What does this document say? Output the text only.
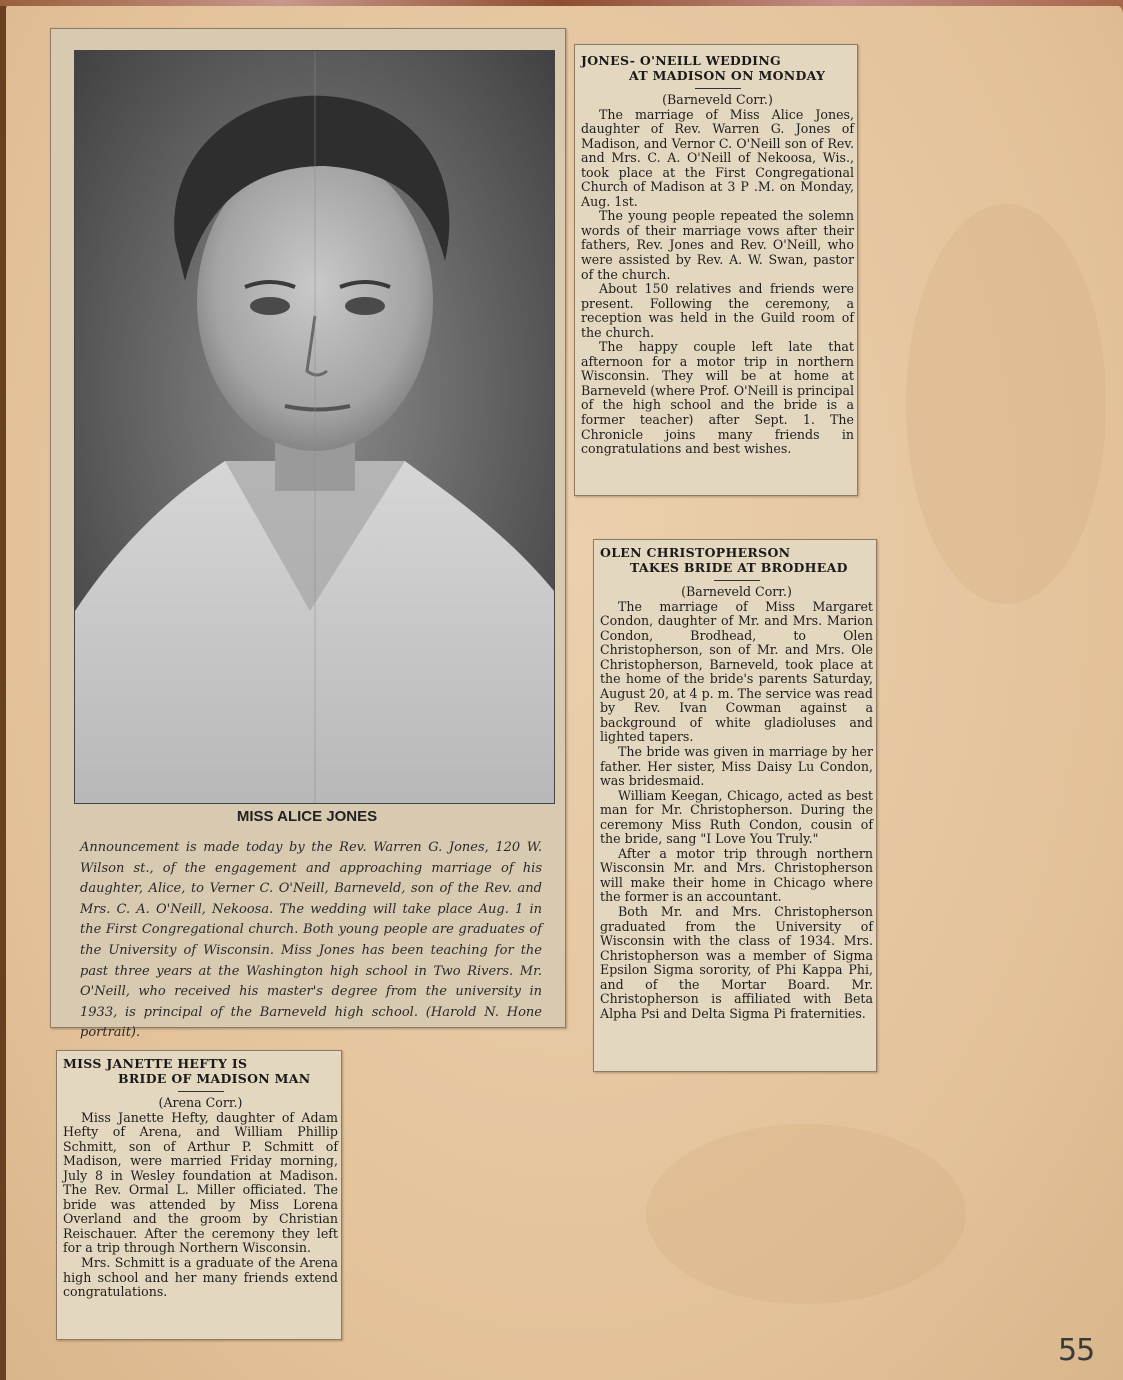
MISS ALICE JONES
Announcement is made today by the Rev. Warren G. Jones, 120 W. Wilson st., of the engagement and approaching marriage of his daughter, Alice, to Verner C. O'Neill, Barneveld, son of the Rev. and Mrs. C. A. O'Neill, Nekoosa. The wedding will take place Aug. 1 in the First Congregational church. Both young people are graduates of the University of Wisconsin. Miss Jones has been teaching for the past three years at the Washington high school in Two Rivers. Mr. O'Neill, who received his master's degree from the university in 1933, is principal of the Barneveld high school. (Harold N. Hone portrait).
JONES- O'NEILL WEDDING
AT MADISON ON MONDAY
(Barneveld Corr.)

The marriage of Miss Alice Jones, daughter of Rev. Warren G. Jones of Madison, and Vernor C. O'Neill son of Rev. and Mrs. C. A. O'Neill of Nekoosa, Wis., took place at the First Congregational Church of Madison at 3 P .M. on Monday, Aug. 1st.

The young people repeated the solemn words of their marriage vows after their fathers, Rev. Jones and Rev. O'Neill, who were assisted by Rev. A. W. Swan, pastor of the church.

About 150 relatives and friends were present. Following the ceremony, a reception was held in the Guild room of the church.

The happy couple left late that afternoon for a motor trip in northern Wisconsin. They will be at home at Barneveld (where Prof. O'Neill is principal of the high school and the bride is a former teacher) after Sept. 1. The Chronicle joins many friends in congratulations and best wishes.

OLEN CHRISTOPHERSON
TAKES BRIDE AT BRODHEAD
(Barneveld Corr.)

The marriage of Miss Margaret Condon, daughter of Mr. and Mrs. Marion Condon, Brodhead, to Olen Christopherson, son of Mr. and Mrs. Ole Christopherson, Barneveld, took place at the home of the bride's parents Saturday, August 20, at 4 p. m. The service was read by Rev. Ivan Cowman against a background of white gladioluses and lighted tapers.

The bride was given in marriage by her father. Her sister, Miss Daisy Lu Condon, was bridesmaid.

William Keegan, Chicago, acted as best man for Mr. Christopherson. During the ceremony Miss Ruth Condon, cousin of the bride, sang "I Love You Truly."

After a motor trip through northern Wisconsin Mr. and Mrs. Christopherson will make their home in Chicago where the former is an accountant.

Both Mr. and Mrs. Christopherson graduated from the University of Wisconsin with the class of 1934. Mrs. Christopherson was a member of Sigma Epsilon Sigma sorority, of Phi Kappa Phi, and of the Mortar Board. Mr. Christopherson is affiliated with Beta Alpha Psi and Delta Sigma Pi fraternities.

MISS JANETTE HEFTY IS
BRIDE OF MADISON MAN
(Arena Corr.)

Miss Janette Hefty, daughter of Adam Hefty of Arena, and William Phillip Schmitt, son of Arthur P. Schmitt of Madison, were married Friday morning, July 8 in Wesley foundation at Madison. The Rev. Ormal L. Miller officiated. The bride was attended by Miss Lorena Overland and the groom by Christian Reischauer. After the ceremony they left for a trip through Northern Wisconsin.

Mrs. Schmitt is a graduate of the Arena high school and her many friends extend congratulations.

55
